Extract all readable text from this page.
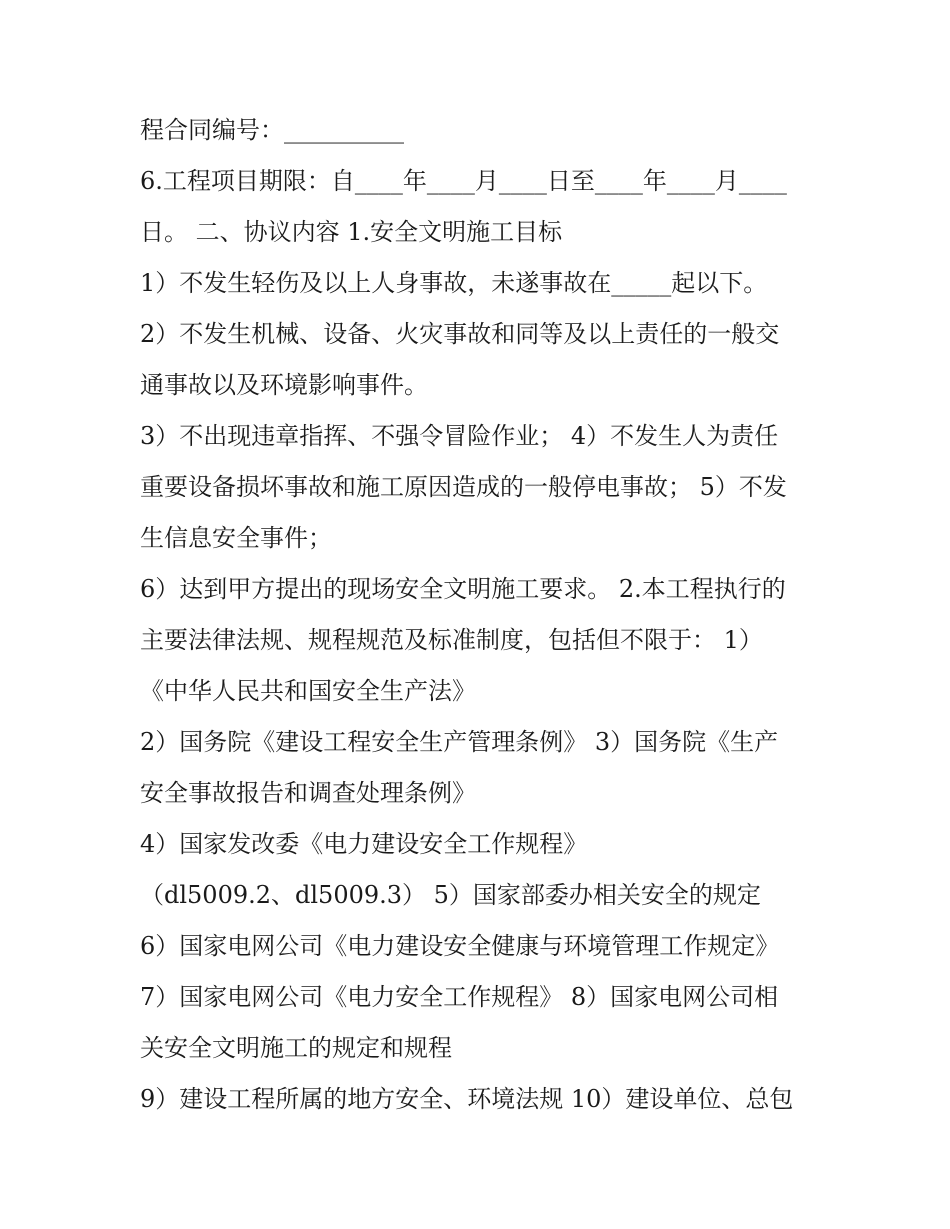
程合同编号：__________
6.工程项目期限：自____年____月____日至____年____月____
日。 二、协议内容 1.安全文明施工目标
1）不发生轻伤及以上人身事故，未遂事故在_____起以下。
2）不发生机械、设备、火灾事故和同等及以上责任的一般交
通事故以及环境影响事件。
3）不出现违章指挥、不强令冒险作业； 4）不发生人为责任
重要设备损坏事故和施工原因造成的一般停电事故； 5）不发
生信息安全事件；
6）达到甲方提出的现场安全文明施工要求。 2.本工程执行的
主要法律法规、规程规范及标准制度，包括但不限于： 1）
《中华人民共和国安全生产法》
2）国务院《建设工程安全生产管理条例》 3）国务院《生产
安全事故报告和调查处理条例》
4）国家发改委《电力建设安全工作规程》
（dl5009.2、dl5009.3） 5）国家部委办相关安全的规定
6）国家电网公司《电力建设安全健康与环境管理工作规定》
7）国家电网公司《电力安全工作规程》 8）国家电网公司相
关安全文明施工的规定和规程
9）建设工程所属的地方安全、环境法规 10）建设单位、总包
